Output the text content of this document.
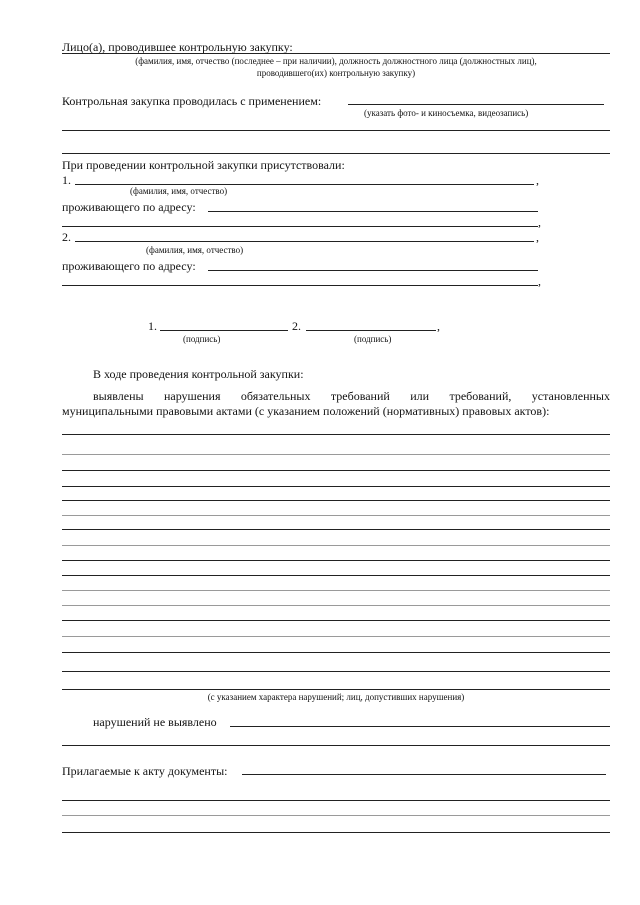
Лицо(а), проводившее контрольную закупку:
(фамилия, имя, отчество (последнее – при наличии), должность должностного лица (должностных лиц),
проводившего(их) контрольную закупку)
Контрольная закупка проводилась с применением:
(указать фото- и киносъемка, видеозапись)
При проведении контрольной закупки присутствовали:
1.	,
(фамилия, имя, отчество)
проживающего по адресу:
,
2.	,
(фамилия, имя, отчество)
проживающего по адресу:
,
1.	2.	,
(подпись)	(подпись)
В ходе проведения контрольной закупки:
выявлены нарушения обязательных требований или требований, установленных
муниципальными правовыми актами (с указанием положений (нормативных) правовых актов):
(с указанием характера нарушений; лиц, допустивших нарушения)
нарушений не выявлено
Прилагаемые к акту документы:
